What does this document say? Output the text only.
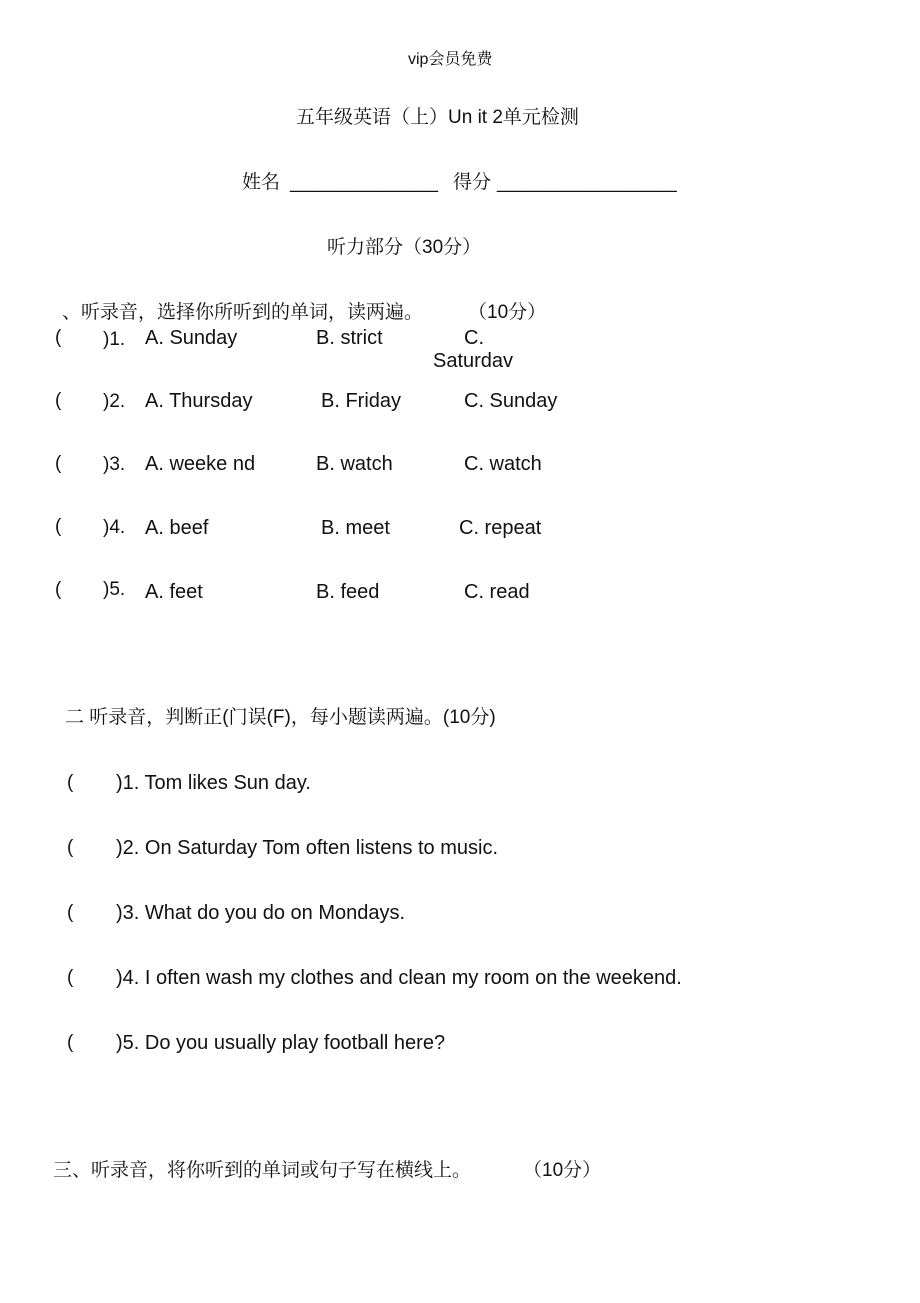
vip会员免费
五年级英语（上）Un it 2单元检测
姓名 ______________ 得分 _________________
听力部分（30分）
、听录音，选择你所听到的单词，读两遍。 （10分）
( )1. A. Sunday	B. strict	C.
Saturdav
( )2. A. Thursday	B. Friday	C. Sunday
( )3. A. weeke nd	B. watch	C. watch
( )4. A. beef	B. meet	C. repeat
( )5. A. feet	B. feed	C. read
二 听录音，判断正(门误(F)，每小题读两遍。(10分)
( )1. Tom likes Sun day.
( )2. On Saturday Tom often listens to music.
( )3. What do you do on Mondays.
( )4. I often wash my clothes and clean my room on the weekend.
( )5. Do you usually play football here?
三、听录音，将你听到的单词或句子写在横线上。	（10分）
